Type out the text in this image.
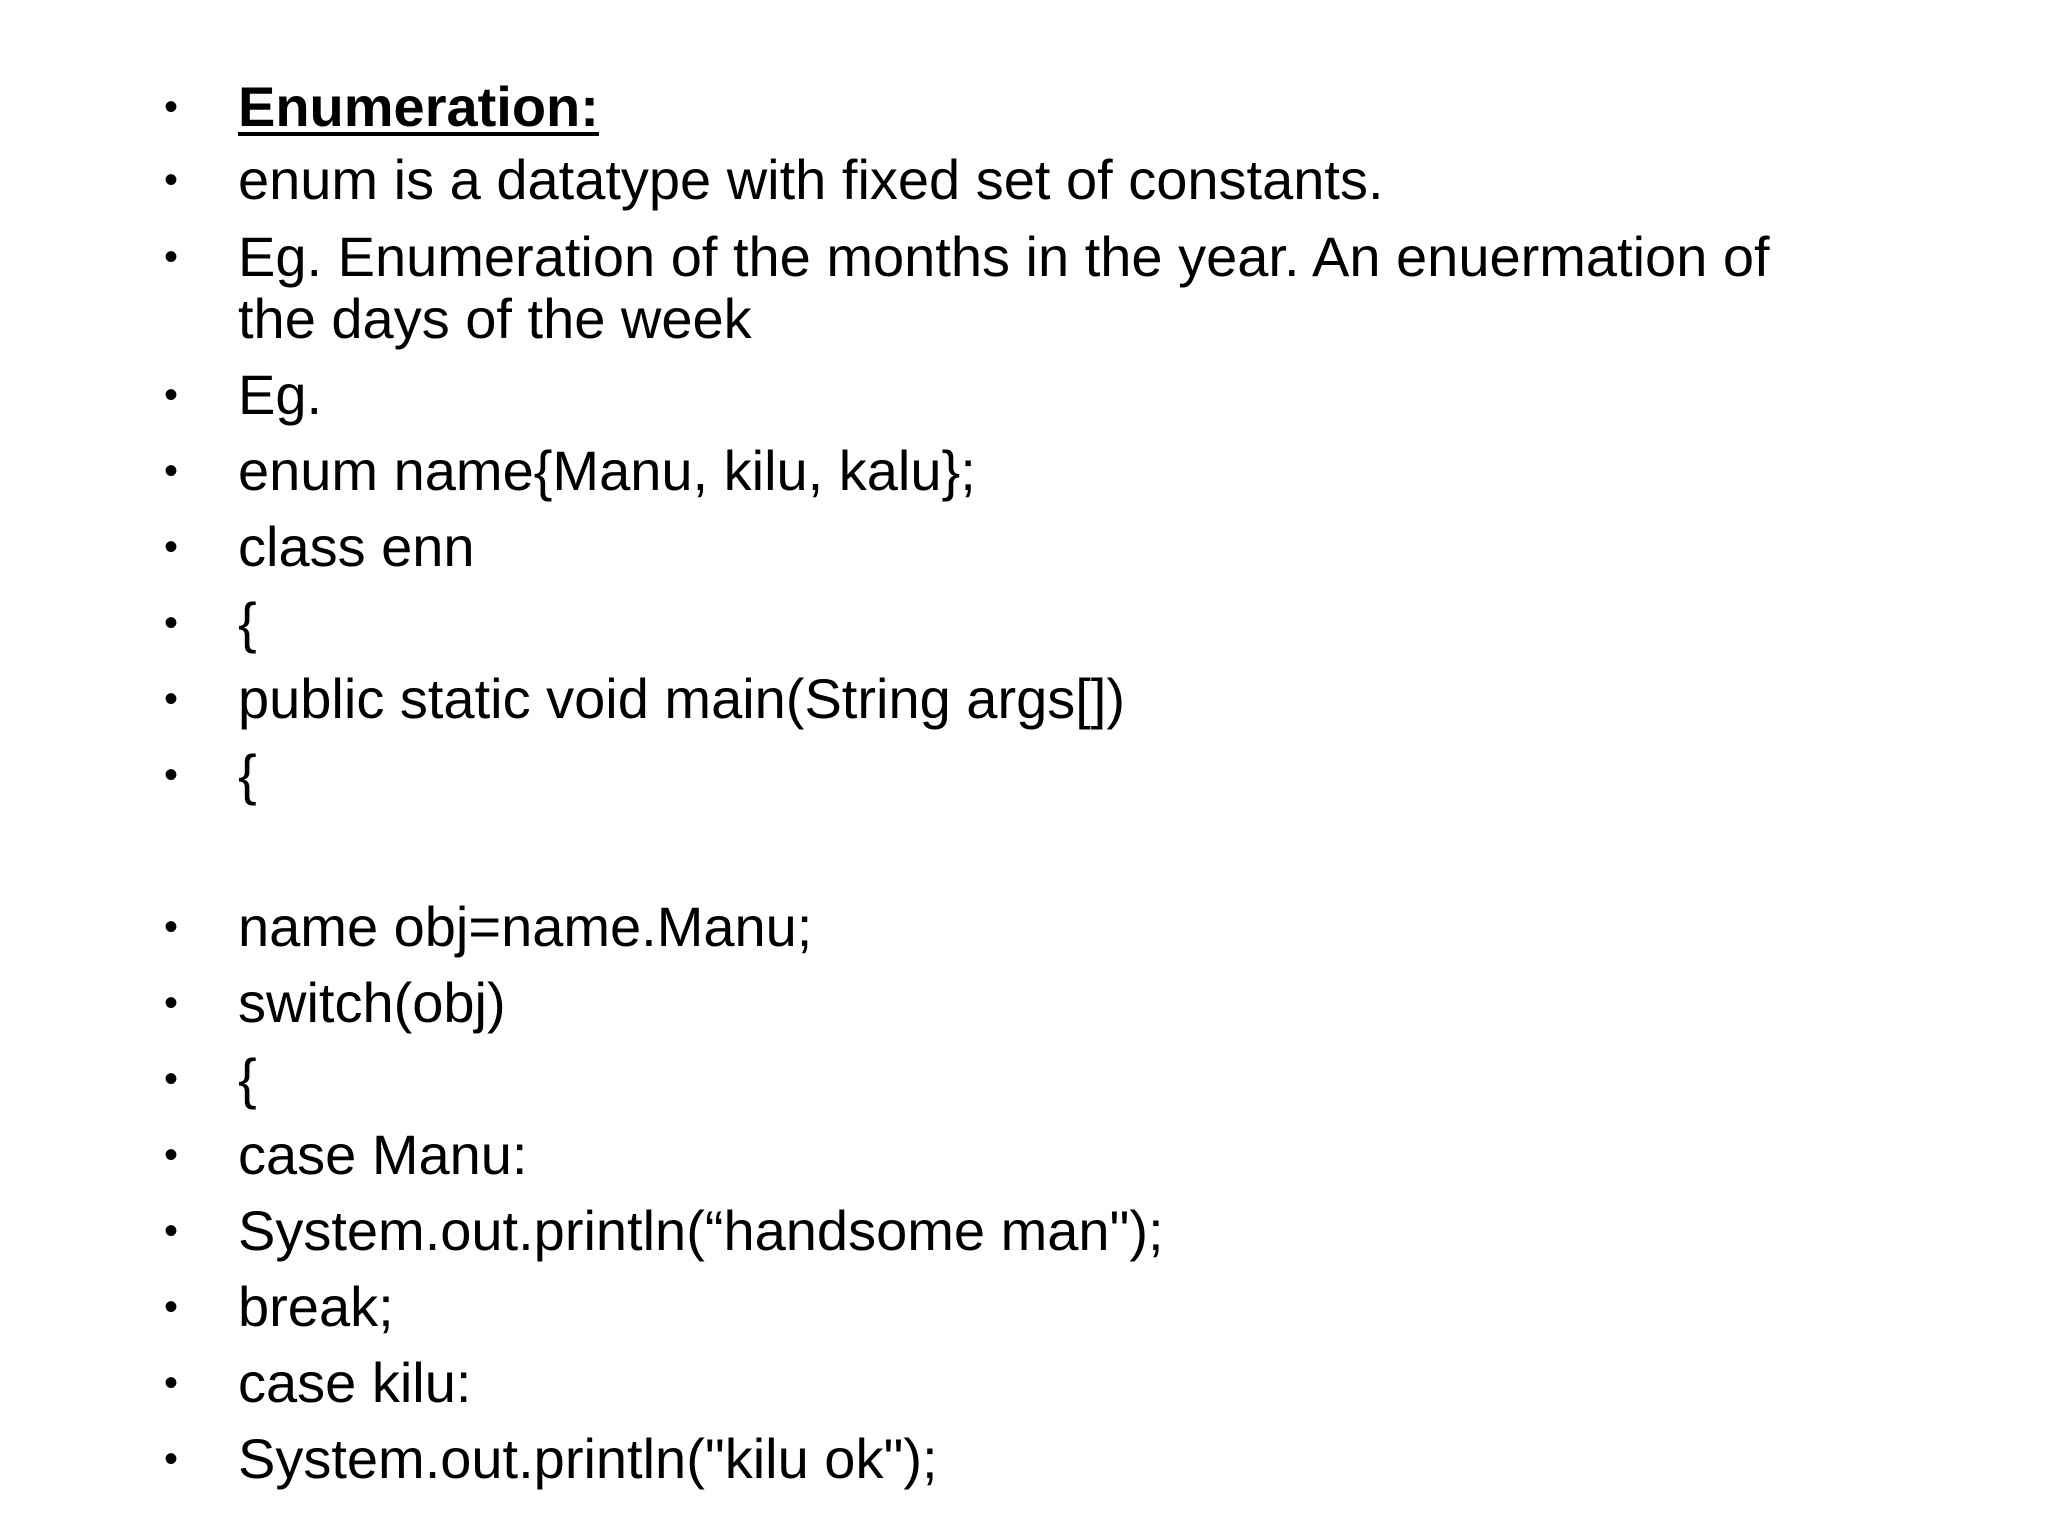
• Enumeration:
• enum is a datatype with fixed set of constants.
• Eg. Enumeration of the months in the year. An enuermation of the days of the week
• Eg.
• enum name{Manu, kilu, kalu};
• class enn
• {
• public static void main(String args[])
• {
• name obj=name.Manu;
• switch(obj)
• {
• case Manu:
• System.out.println(“handsome man");
• break;
• case kilu:
• System.out.println("kilu ok");
